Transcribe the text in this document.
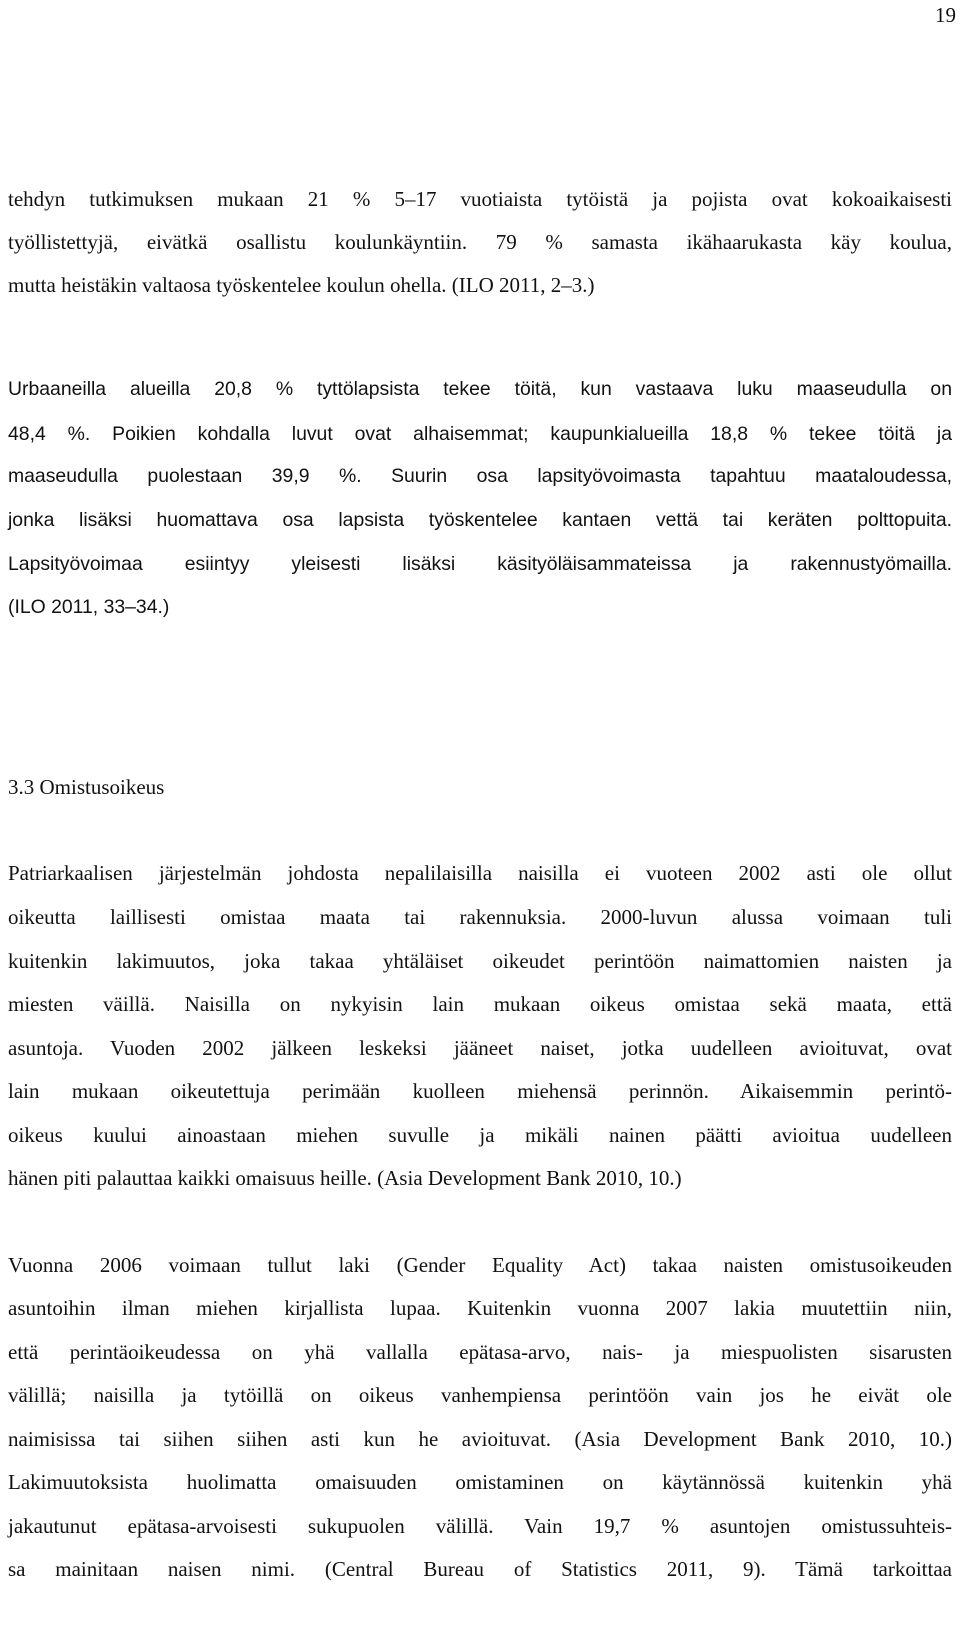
19
tehdyn tutkimuksen mukaan 21 % 5–17 vuotiaista tytöistä ja pojista ovat kokoaikaisesti
työllistettyjä, eivätkä osallistu koulunkäyntiin. 79 % samasta ikähaarukasta käy koulua,
mutta heistäkin valtaosa työskentelee koulun ohella. (ILO 2011, 2–3.)
Urbaaneilla alueilla 20,8 % tyttölapsista tekee töitä, kun vastaava luku maaseudulla on
48,4 %. Poikien kohdalla luvut ovat alhaisemmat; kaupunkialueilla 18,8 % tekee töitä ja
maaseudulla puolestaan 39,9 %. Suurin osa lapsityövoimasta tapahtuu maataloudessa,
jonka lisäksi huomattava osa lapsista työskentelee kantaen vettä tai keräten polttopuita.
Lapsityövoimaa esiintyy yleisesti lisäksi käsityöläisammateissa ja rakennustyömailla.
(ILO 2011, 33–34.)
3.3 Omistusoikeus
Patriarkaalisen järjestelmän johdosta nepalilaisilla naisilla ei vuoteen 2002 asti ole ollut
oikeutta laillisesti omistaa maata tai rakennuksia. 2000-luvun alussa voimaan tuli
kuitenkin lakimuutos, joka takaa yhtäläiset oikeudet perintöön naimattomien naisten ja
miesten väillä. Naisilla on nykyisin lain mukaan oikeus omistaa sekä maata, että
asuntoja. Vuoden 2002 jälkeen leskeksi jääneet naiset, jotka uudelleen avioituvat, ovat
lain mukaan oikeutettuja perimään kuolleen miehensä perinnön. Aikaisemmin perintö-
oikeus kuului ainoastaan miehen suvulle ja mikäli nainen päätti avioitua uudelleen
hänen piti palauttaa kaikki omaisuus heille. (Asia Development Bank 2010, 10.)
Vuonna 2006 voimaan tullut laki (Gender Equality Act) takaa naisten omistusoikeuden
asuntoihin ilman miehen kirjallista lupaa. Kuitenkin vuonna 2007 lakia muutettiin niin,
että perintäoikeudessa on yhä vallalla epätasa-arvo, nais- ja miespuolisten sisarusten
välillä; naisilla ja tytöillä on oikeus vanhempiensa perintöön vain jos he eivät ole
naimisissa tai siihen siihen asti kun he avioituvat. (Asia Development Bank 2010, 10.)
Lakimuutoksista huolimatta omaisuuden omistaminen on käytännössä kuitenkin yhä
jakautunut epätasa-arvoisesti sukupuolen välillä. Vain 19,7 % asuntojen omistussuhteis-
sa mainitaan naisen nimi. (Central Bureau of Statistics 2011, 9). Tämä tarkoittaa
